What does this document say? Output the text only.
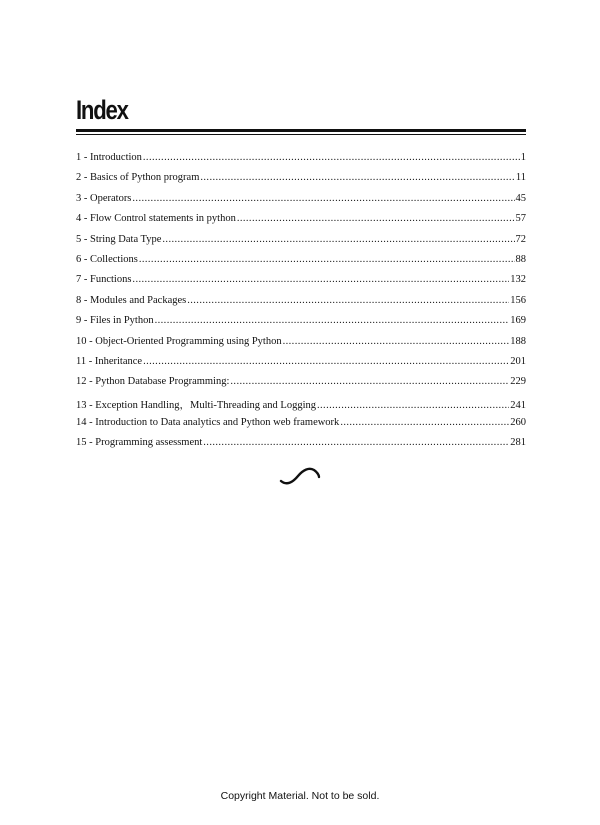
Index
1 - Introduction .....	1
2 - Basics of Python program .....	11
3 - Operators .....	45
4 - Flow Control statements in python .....	57
5 - String Data Type .....	72
6 - Collections .....	88
7 - Functions .....	132
8 - Modules and Packages .....	156
9 - Files in Python .....	169
10 - Object-Oriented Programming using Python .....	188
11 - Inheritance .....	201
12 - Python Database Programming: .....	229
13 - Exception Handling，Multi-Threading and Logging .....	241
14 - Introduction to Data analytics and Python web framework .....	260
15 - Programming assessment .....	281
Copyright Material. Not to be sold.
